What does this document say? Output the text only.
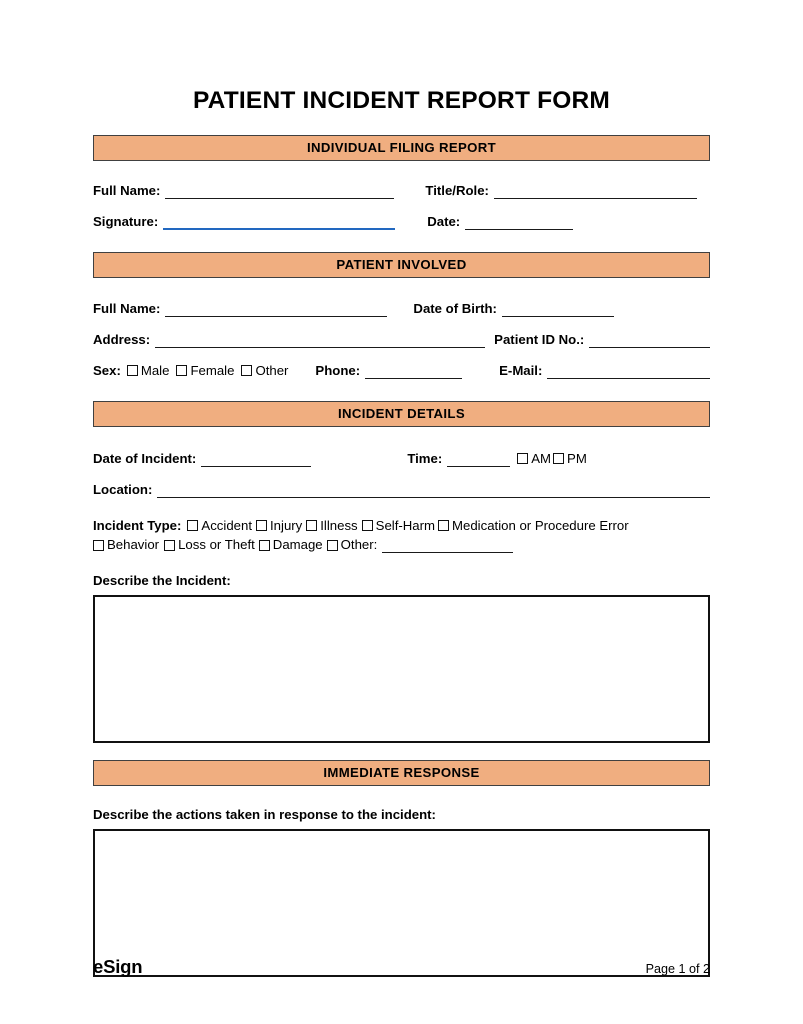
PATIENT INCIDENT REPORT FORM
INDIVIDUAL FILING REPORT
Full Name:	Title/Role:
Signature:	Date:
PATIENT INVOLVED
Full Name:	Date of Birth:
Address:	Patient ID No.:
Sex: Male Female Other Phone:	E-Mail:
INCIDENT DETAILS
Date of Incident:	Time:	AM PM
Location:
Incident Type: Accident Injury Illness Self-Harm Medication or Procedure Error
Behavior Loss or Theft Damage Other:
Describe the Incident:
IMMEDIATE RESPONSE
Describe the actions taken in response to the incident:
eSign	Page 1 of 2
